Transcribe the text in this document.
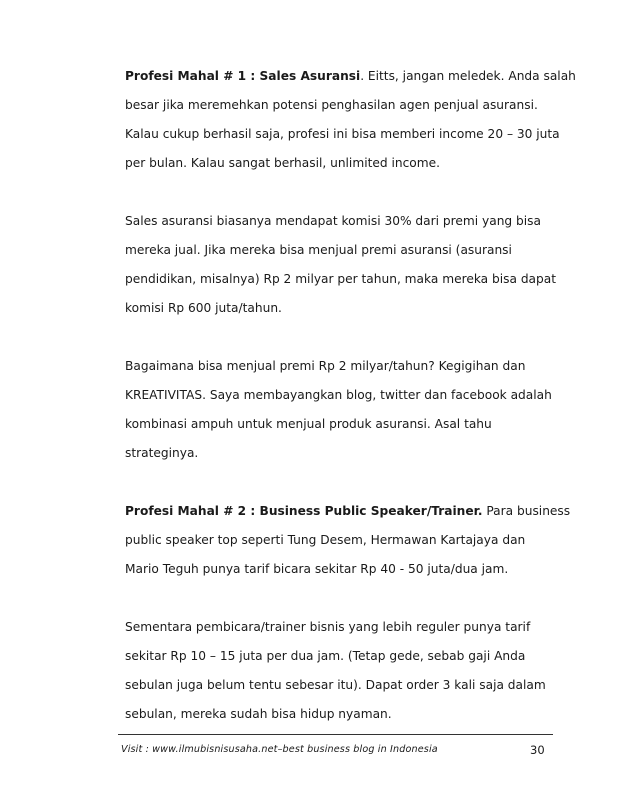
Profesi Mahal # 1 : Sales Asuransi. Eitts, jangan meledek. Anda salah
besar jika meremehkan potensi penghasilan agen penjual asuransi.
Kalau cukup berhasil saja, profesi ini bisa memberi income 20 – 30 juta
per bulan. Kalau sangat berhasil, unlimited income.
Sales asuransi biasanya mendapat komisi 30% dari premi yang bisa
mereka jual. Jika mereka bisa menjual premi asuransi (asuransi
pendidikan, misalnya) Rp 2 milyar per tahun, maka mereka bisa dapat
komisi Rp 600 juta/tahun.
Bagaimana bisa menjual premi Rp 2 milyar/tahun? Kegigihan dan
KREATIVITAS. Saya membayangkan blog, twitter dan facebook adalah
kombinasi ampuh untuk menjual produk asuransi. Asal tahu
strateginya.
Profesi Mahal # 2 : Business Public Speaker/Trainer. Para business
public speaker top seperti Tung Desem, Hermawan Kartajaya dan
Mario Teguh punya tarif bicara sekitar Rp 40 - 50 juta/dua jam.
Sementara pembicara/trainer bisnis yang lebih reguler punya tarif
sekitar Rp 10 – 15 juta per dua jam. (Tetap gede, sebab gaji Anda
sebulan juga belum tentu sebesar itu). Dapat order 3 kali saja dalam
sebulan, mereka sudah bisa hidup nyaman.
Visit : www.ilmubisnisusaha.net–best business blog in Indonesia	30
